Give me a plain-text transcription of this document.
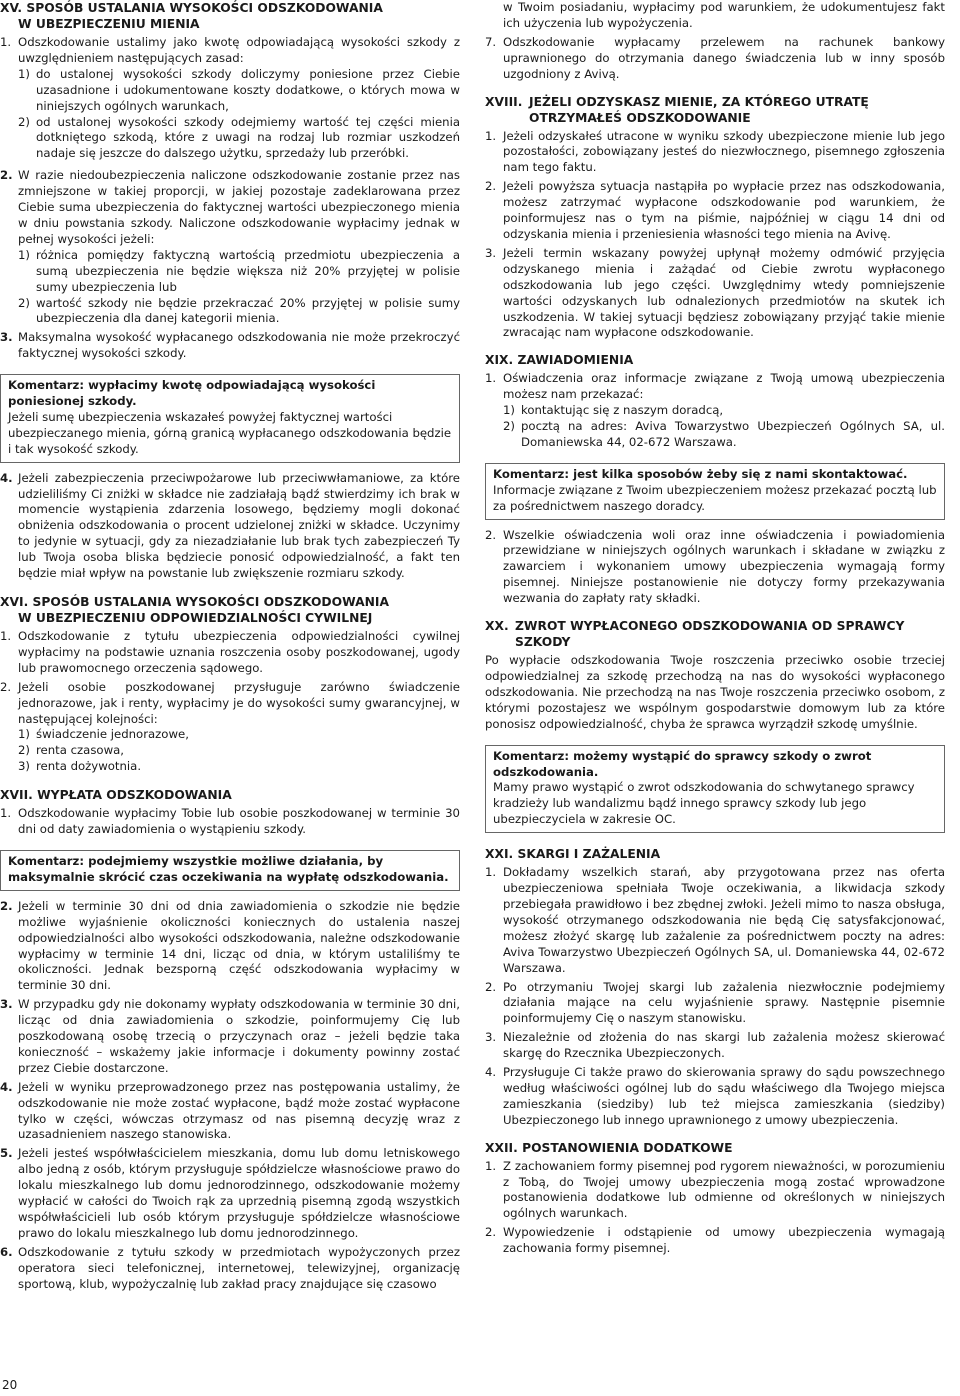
XV. SPOSÓB USTALANIA WYSOKOŚCI ODSZKODOWANIA
W UBEZPIECZENIU MIENIA
1. Odszkodowanie ustalimy jako kwotę odpowiadającą wysokości szkody z uwzględnieniem następujących zasad:
1) do ustalonej wysokości szkody doliczymy poniesione przez Ciebie uzasadnione i udokumentowane koszty dodatkowe, o których mowa w niniejszych ogólnych warunkach,
2) od ustalonej wysokości szkody odejmiemy wartość tej części mienia dotkniętego szkodą, które z uwagi na rodzaj lub rozmiar uszkodzeń nadaje się jeszcze do dalszego użytku, sprzedaży lub przeróbki.
2. W razie niedoubezpieczenia naliczone odszkodowanie zostanie przez nas zmniejszone w takiej proporcji, w jakiej pozostaje zadeklarowana przez Ciebie suma ubezpieczenia do faktycznej wartości ubezpieczonego mienia w dniu powstania szkody. Naliczone odszkodowanie wypłacimy jednak w pełnej wysokości jeżeli:
1) różnica pomiędzy faktyczną wartością przedmiotu ubezpieczenia a sumą ubezpieczenia nie będzie większa niż 20% przyjętej w polisie sumy ubezpieczenia lub
2) wartość szkody nie będzie przekraczać 20% przyjętej w polisie sumy ubezpieczenia dla danej kategorii mienia.
3. Maksymalna wysokość wypłacanego odszkodowania nie może przekroczyć faktycznej wysokości szkody.
Komentarz: wypłacimy kwotę odpowiadającą wysokości poniesionej szkody.
Jeżeli sumę ubezpieczenia wskazałeś powyżej faktycznej wartości ubezpieczanego mienia, górną granicą wypłacanego odszkodowania będzie i tak wysokość szkody.
4. Jeżeli zabezpieczenia przeciwpożarowe lub przeciwwłamaniowe, za które udzieliliśmy Ci zniżki w składce nie zadziałają bądź stwierdzimy ich brak w momencie wystąpienia zdarzenia losowego, będziemy mogli dokonać obniżenia odszkodowania o procent udzielonej zniżki w składce. Uczynimy to jedynie w sytuacji, gdy za niezadziałanie lub brak tych zabezpieczeń Ty lub Twoja osoba bliska będziecie ponosić odpowiedzialność, a fakt ten będzie miał wpływ na powstanie lub zwiększenie rozmiaru szkody.
XVI. SPOSÓB USTALANIA WYSOKOŚCI ODSZKODOWANIA
W UBEZPIECZENIU ODPOWIEDZIALNOŚCI CYWILNEJ
1. Odszkodowanie z tytułu ubezpieczenia odpowiedzialności cywilnej wypłacimy na podstawie uznania roszczenia osoby poszkodowanej, ugody lub prawomocnego orzeczenia sądowego.
2. Jeżeli osobie poszkodowanej przysługuje zarówno świadczenie jednorazowe, jak i renty, wypłacimy je do wysokości sumy gwarancyjnej, w następującej kolejności:
1) świadczenie jednorazowe,
2) renta czasowa,
3) renta dożywotnia.
XVII. WYPŁATA ODSZKODOWANIA
1. Odszkodowanie wypłacimy Tobie lub osobie poszkodowanej w terminie 30 dni od daty zawiadomienia o wystąpieniu szkody.
Komentarz: podejmiemy wszystkie możliwe działania, by maksymalnie skrócić czas oczekiwania na wypłatę odszkodowania.
2. Jeżeli w terminie 30 dni od dnia zawiadomienia o szkodzie nie będzie możliwe wyjaśnienie okoliczności koniecznych do ustalenia naszej odpowiedzialności albo wysokości odszkodowania, należne odszkodowanie wypłacimy w terminie 14 dni, licząc od dnia, w którym ustaliliśmy te okoliczności. Jednak bezsporną część odszkodowania wypłacimy w terminie 30 dni.
3. W przypadku gdy nie dokonamy wypłaty odszkodowania w terminie 30 dni, licząc od dnia zawiadomienia o szkodzie, poinformujemy Cię lub poszkodowaną osobę trzecią o przyczynach oraz – jeżeli będzie taka konieczność – wskażemy jakie informacje i dokumenty powinny zostać przez Ciebie dostarczone.
4. Jeżeli w wyniku przeprowadzonego przez nas postępowania ustalimy, że odszkodowanie nie może zostać wypłacone, bądź może zostać wypłacone tylko w części, wówczas otrzymasz od nas pisemną decyzję wraz z uzasadnieniem naszego stanowiska.
5. Jeżeli jesteś współwłaścicielem mieszkania, domu lub domu letniskowego albo jedną z osób, którym przysługuje spółdzielcze własnościowe prawo do lokalu mieszkalnego lub domu jednorodzinnego, odszkodowanie możemy wypłacić w całości do Twoich rąk za uprzednią pisemną zgodą wszystkich współwłaścicieli lub osób którym przysługuje spółdzielcze własnościowe prawo do lokalu mieszkalnego lub domu jednorodzinnego.
6. Odszkodowanie z tytułu szkody w przedmiotach wypożyczonych przez operatora sieci telefonicznej, internetowej, telewizyjnej, organizację sportową, klub, wypożyczalnię lub zakład pracy znajdujące się czasowo
w Twoim posiadaniu, wypłacimy pod warunkiem, że udokumentujesz fakt ich użyczenia lub wypożyczenia.
7. Odszkodowanie wypłacamy przelewem na rachunek bankowy uprawnionego do otrzymania danego świadczenia lub w inny sposób uzgodniony z Avivą.
XVIII. JEŻELI ODZYSKASZ MIENIE, ZA KTÓREGO UTRATĘ OTRZYMAŁEŚ ODSZKODOWANIE
1. Jeżeli odzyskałeś utracone w wyniku szkody ubezpieczone mienie lub jego pozostałości, zobowiązany jesteś do niezwłocznego, pisemnego zgłoszenia nam tego faktu.
2. Jeżeli powyższa sytuacja nastąpiła po wypłacie przez nas odszkodowania, możesz zatrzymać wypłacone odszkodowanie pod warunkiem, że poinformujesz nas o tym na piśmie, najpóźniej w ciągu 14 dni od odzyskania mienia i przeniesienia własności tego mienia na Avivę.
3. Jeżeli termin wskazany powyżej upłynął możemy odmówić przyjęcia odzyskanego mienia i zażądać od Ciebie zwrotu wypłaconego odszkodowania lub jego części. Uwzględnimy wtedy pomniejszenie wartości odzyskanych lub odnalezionych przedmiotów na skutek ich uszkodzenia. W takiej sytuacji będziesz zobowiązany przyjąć takie mienie zwracając nam wypłacone odszkodowanie.
XIX. ZAWIADOMIENIA
1. Oświadczenia oraz informacje związane z Twoją umową ubezpieczenia możesz nam przekazać:
1) kontaktując się z naszym doradcą,
2) pocztą na adres: Aviva Towarzystwo Ubezpieczeń Ogólnych SA, ul. Domaniewska 44, 02-672 Warszawa.
Komentarz: jest kilka sposobów żeby się z nami skontaktować.
Informacje związane z Twoim ubezpieczeniem możesz przekazać pocztą lub za pośrednictwem naszego doradcy.
2. Wszelkie oświadczenia woli oraz inne oświadczenia i powiadomienia przewidziane w niniejszych ogólnych warunkach i składane w związku z zawarciem i wykonaniem umowy ubezpieczenia wymagają formy pisemnej. Niniejsze postanowienie nie dotyczy formy przekazywania wezwania do zapłaty raty składki.
XX. ZWROT WYPŁACONEGO ODSZKODOWANIA OD SPRAWCY SZKODY
Po wypłacie odszkodowania Twoje roszczenia przeciwko osobie trzeciej odpowiedzialnej za szkodę przechodzą na nas do wysokości wypłaconego odszkodowania. Nie przechodzą na nas Twoje roszczenia przeciwko osobom, z którymi pozostajesz we wspólnym gospodarstwie domowym lub za które ponosisz odpowiedzialność, chyba że sprawca wyrządził szkodę umyślnie.
Komentarz: możemy wystąpić do sprawcy szkody o zwrot odszkodowania.
Mamy prawo wystąpić o zwrot odszkodowania do schwytanego sprawcy kradzieży lub wandalizmu bądź innego sprawcy szkody lub jego ubezpieczyciela w zakresie OC.
XXI. SKARGI I ZAŻALENIA
1. Dokładamy wszelkich starań, aby przygotowana przez nas oferta ubezpieczeniowa spełniała Twoje oczekiwania, a likwidacja szkody przebiegała prawidłowo i bez zbędnej zwłoki. Jeżeli mimo to nasza obsługa, wysokość otrzymanego odszkodowania nie będą Cię satysfakcjonować, możesz złożyć skargę lub zażalenie za pośrednictwem poczty na adres: Aviva Towarzystwo Ubezpieczeń Ogólnych SA, ul. Domaniewska 44, 02-672 Warszawa.
2. Po otrzymaniu Twojej skargi lub zażalenia niezwłocznie podejmiemy działania mające na celu wyjaśnienie sprawy. Następnie pisemnie poinformujemy Cię o naszym stanowisku.
3. Niezależnie od złożenia do nas skargi lub zażalenia możesz skierować skargę do Rzecznika Ubezpieczonych.
4. Przysługuje Ci także prawo do skierowania sprawy do sądu powszechnego według właściwości ogólnej lub do sądu właściwego dla Twojego miejsca zamieszkania (siedziby) lub też miejsca zamieszkania (siedziby) Ubezpieczonego lub innego uprawnionego z umowy ubezpieczenia.
XXII. POSTANOWIENIA DODATKOWE
1. Z zachowaniem formy pisemnej pod rygorem nieważności, w porozumieniu z Tobą, do Twojej umowy ubezpieczenia mogą zostać wprowadzone postanowienia dodatkowe lub odmienne od określonych w niniejszych ogólnych warunkach.
2. Wypowiedzenie i odstąpienie od umowy ubezpieczenia wymagają zachowania formy pisemnej.
20
